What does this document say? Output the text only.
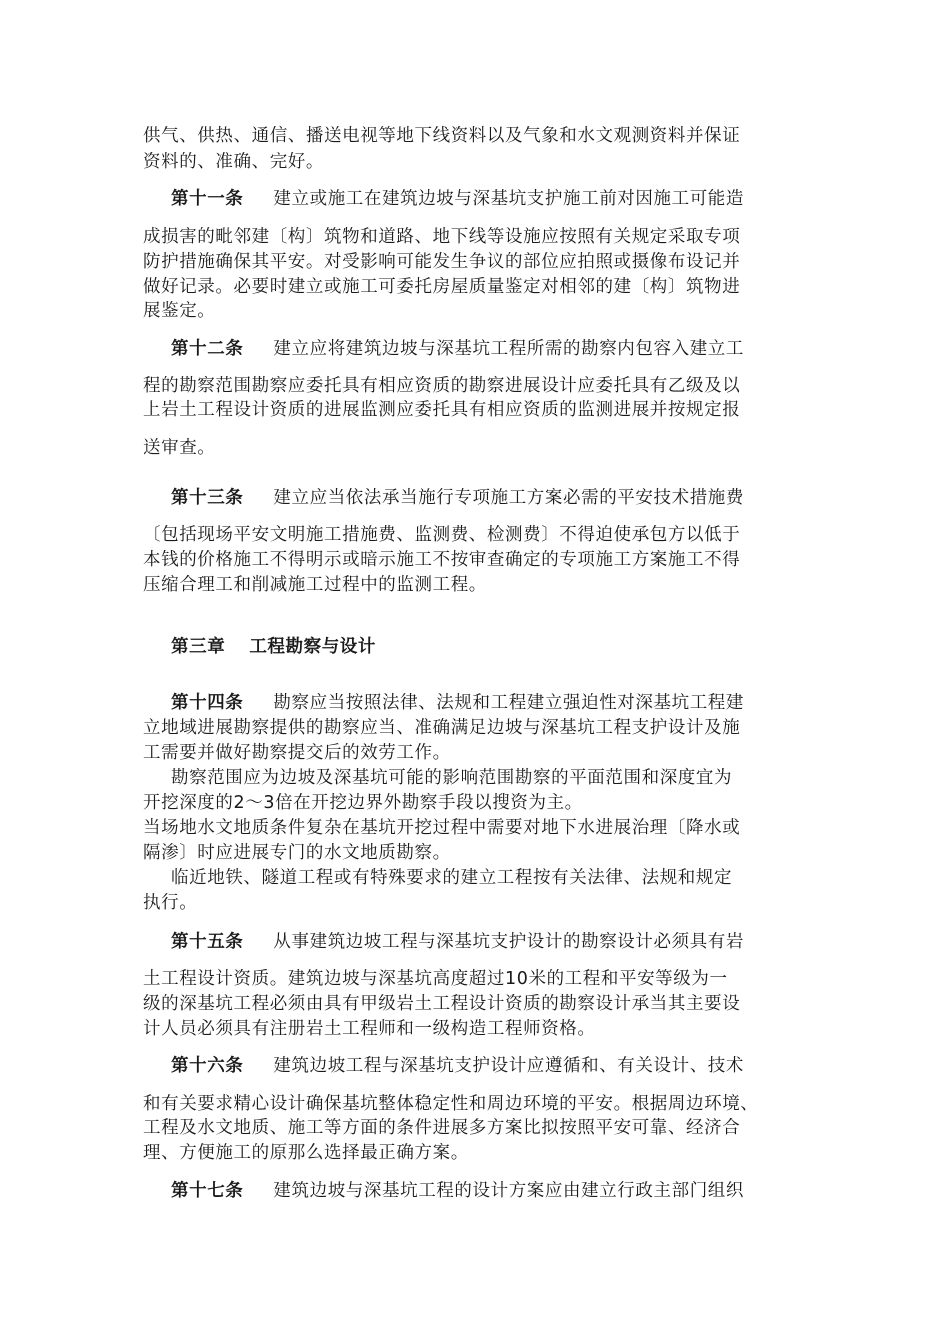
供气、供热、通信、播送电视等地下线资料以及气象和水文观测资料并保证
资料的、准确、完好。
第十一条 建立或施工在建筑边坡与深基坑支护施工前对因施工可能造
成损害的毗邻建〔构〕筑物和道路、地下线等设施应按照有关规定采取专项
防护措施确保其平安。对受影响可能发生争议的部位应拍照或摄像布设记并
做好记录。必要时建立或施工可委托房屋质量鉴定对相邻的建〔构〕筑物进
展鉴定。
第十二条 建立应将建筑边坡与深基坑工程所需的勘察内包容入建立工
程的勘察范围勘察应委托具有相应资质的勘察进展设计应委托具有乙级及以
上岩土工程设计资质的进展监测应委托具有相应资质的监测进展并按规定报
送审查。
第十三条 建立应当依法承当施行专项施工方案必需的平安技术措施费
〔包括现场平安文明施工措施费、监测费、检测费〕不得迫使承包方以低于
本钱的价格施工不得明示或暗示施工不按审查确定的专项施工方案施工不得
压缩合理工和削减施工过程中的监测工程。
第三章 工程勘察与设计
第十四条 勘察应当按照法律、法规和工程建立强迫性对深基坑工程建
立地域进展勘察提供的勘察应当、准确满足边坡与深基坑工程支护设计及施
工需要并做好勘察提交后的效劳工作。
勘察范围应为边坡及深基坑可能的影响范围勘察的平面范围和深度宜为
开挖深度的2～3倍在开挖边界外勘察手段以搜资为主。
当场地水文地质条件复杂在基坑开挖过程中需要对地下水进展治理〔降水或
隔渗〕时应进展专门的水文地质勘察。
临近地铁、隧道工程或有特殊要求的建立工程按有关法律、法规和规定
执行。
第十五条 从事建筑边坡工程与深基坑支护设计的勘察设计必须具有岩
土工程设计资质。建筑边坡与深基坑高度超过10米的工程和平安等级为一
级的深基坑工程必须由具有甲级岩土工程设计资质的勘察设计承当其主要设
计人员必须具有注册岩土工程师和一级构造工程师资格。
第十六条 建筑边坡工程与深基坑支护设计应遵循和、有关设计、技术
和有关要求精心设计确保基坑整体稳定性和周边环境的平安。根据周边环境、
工程及水文地质、施工等方面的条件进展多方案比拟按照平安可靠、经济合
理、方便施工的原那么选择最正确方案。
第十七条 建筑边坡与深基坑工程的设计方案应由建立行政主部门组织
